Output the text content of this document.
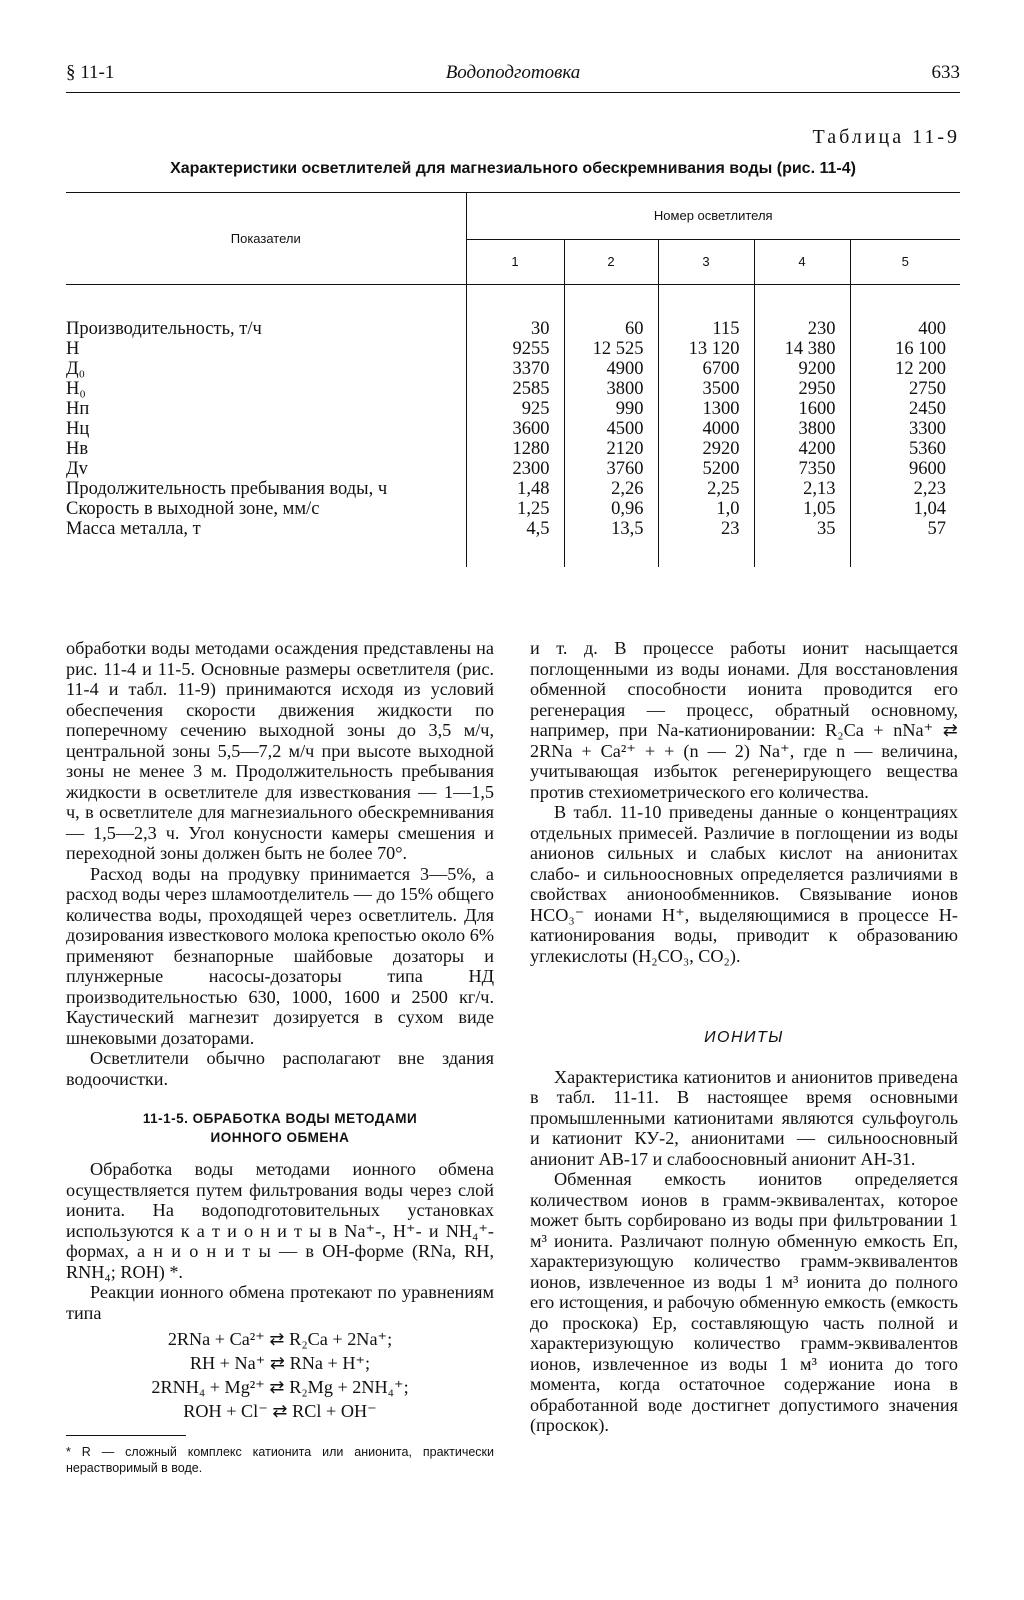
§ 11-1	Водоподготовка	633
Таблица 11-9
Характеристики осветлителей для магнезиального обескремнивания воды (рис. 11-4)
Показатели	Номер осветлителя				
	1	2	3	4	5

Производительность, т/ч	30	60	115	230	400
Н	9255	12 525	13 120	14 380	16 100
Д₀	3370	4900	6700	9200	12 200
Н₀	2585	3800	3500	2950	2750
Нп	925	990	1300	1600	2450
Нц	3600	4500	4000	3800	3300
Нв	1280	2120	2920	4200	5360
Дv	2300	3760	5200	7350	9600
Продолжительность пребывания воды, ч	1,48	2,26	2,25	2,13	2,23
Скорость в выходной зоне, мм/с	1,25	0,96	1,0	1,05	1,04
Масса металла, т	4,5	13,5	23	35	57

обработки воды методами осаждения представлены на рис. 11-4 и 11-5. Основные размеры осветлителя (рис. 11-4 и табл. 11-9) принимаются исходя из условий обеспечения скорости движения жидкости по поперечному сечению выходной зоны до 3,5 м/ч, центральной зоны 5,5—7,2 м/ч при высоте выходной зоны не менее 3 м. Продолжительность пребывания жидкости в осветлителе для известкования — 1—1,5 ч, в осветлителе для магнезиального обескремнивания — 1,5—2,3 ч. Угол конусности камеры смешения и переходной зоны должен быть не более 70°.

Расход воды на продувку принимается 3—5%, а расход воды через шламоотделитель — до 15% общего количества воды, проходящей через осветлитель. Для дозирования известкового молока крепостью около 6% применяют безнапорные шайбовые дозаторы и плунжерные насосы-дозаторы типа НД производительностью 630, 1000, 1600 и 2500 кг/ч. Каустический магнезит дозируется в сухом виде шнековыми дозаторами.

Осветлители обычно располагают вне здания водоочистки.

11-1-5. ОБРАБОТКА ВОДЫ МЕТОДАМИ
ИОННОГО ОБМЕНА

Обработка воды методами ионного обмена осуществляется путем фильтрования воды через слой ионита. На водоподготовительных установках используются к а т и о н и т ы в Na⁺-, H⁺- и NH₄⁺-формах, а н и о н и т ы — в OH-форме (RNa, RH, RNH₄; ROH) *.

Реакции ионного обмена протекают по уравнениям типа

2RNa + Ca²⁺ ⇄ R₂Ca + 2Na⁺;
RH + Na⁺ ⇄ RNa + H⁺;
2RNH₄ + Mg²⁺ ⇄ R₂Mg + 2NH₄⁺;
ROH + Cl⁻ ⇄ RCl + OH⁻

* R — сложный комплекс катионита или анионита, практически нерастворимый в воде.

и т. д. В процессе работы ионит насыщается поглощенными из воды ионами. Для восстановления обменной способности ионита проводится его регенерация — процесс, обратный основному, например, при Na-катионировании: R₂Ca + nNa⁺ ⇄ 2RNa + Ca²⁺ + + (n — 2) Na⁺, где n — величина, учитывающая избыток регенерирующего вещества против стехиометрического его количества.

В табл. 11-10 приведены данные о концентрациях отдельных примесей. Различие в поглощении из воды анионов сильных и слабых кислот на анионитах слабо- и сильноосновных определяется различиями в свойствах анионообменников. Связывание ионов HCO₃⁻ ионами H⁺, выделяющимися в процессе H-катионирования воды, приводит к образованию углекислоты (H₂CO₃, CO₂).

ИОНИТЫ

Характеристика катионитов и анионитов приведена в табл. 11-11. В настоящее время основными промышленными катионитами являются сульфоуголь и катионит КУ-2, анионитами — сильноосновный анионит АВ-17 и слабоосновный анионит АН-31.

Обменная емкость ионитов определяется количеством ионов в грамм-эквивалентах, которое может быть сорбировано из воды при фильтровании 1 м³ ионита. Различают полную обменную емкость Еп, характеризующую количество грамм-эквивалентов ионов, извлеченное из воды 1 м³ ионита до полного его истощения, и рабочую обменную емкость (емкость до проскока) Ер, составляющую часть полной и характеризующую количество грамм-эквивалентов ионов, извлеченное из воды 1 м³ ионита до того момента, когда остаточное содержание иона в обработанной воде достигнет допустимого значения (проскок).
